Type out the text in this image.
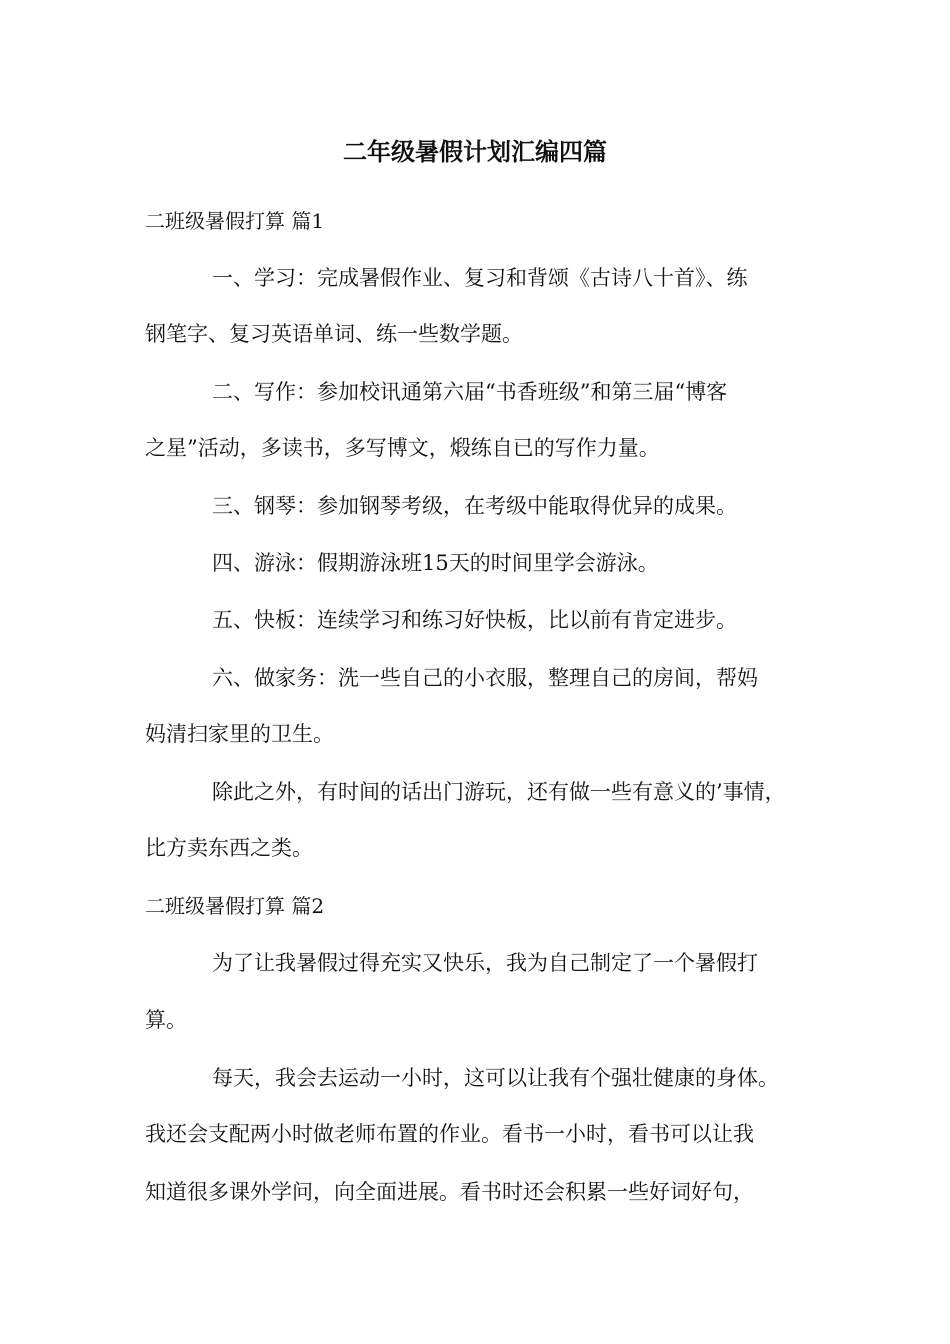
二年级暑假计划汇编四篇
二班级暑假打算 篇1
一、学习：完成暑假作业、复习和背颂《古诗八十首》、练
钢笔字、复习英语单词、练一些数学题。
二、写作：参加校讯通第六届“书香班级”和第三届“博客
之星”活动，多读书，多写博文，煅练自已的写作力量。
三、钢琴：参加钢琴考级，在考级中能取得优异的成果。
四、游泳：假期游泳班15天的时间里学会游泳。
五、快板：连续学习和练习好快板，比以前有肯定进步。
六、做家务：洗一些自己的小衣服，整理自己的房间，帮妈
妈清扫家里的卫生。
除此之外，有时间的话出门游玩，还有做一些有意义的’事情，
比方卖东西之类。
二班级暑假打算 篇2
为了让我暑假过得充实又快乐，我为自己制定了一个暑假打
算。
每天，我会去运动一小时，这可以让我有个强壮健康的身体。
我还会支配两小时做老师布置的作业。看书一小时，看书可以让我
知道很多课外学问，向全面进展。看书时还会积累一些好词好句，
